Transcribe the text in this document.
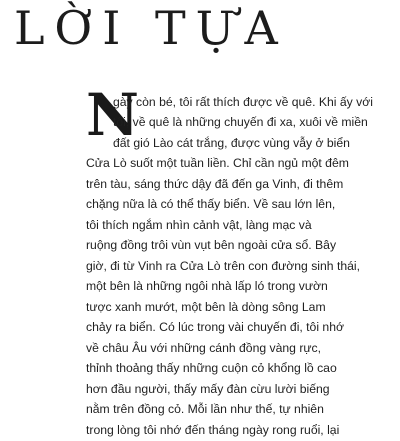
LỜI TỰA
N
gày còn bé, tôi rất thích được về quê. Khi ấy với
tôi, về quê là những chuyến đi xa, xuôi về miền
đất gió Lào cát trắng, được vùng vẫy ở biển
Cửa Lò suốt một tuần liền. Chỉ cần ngủ một đêm
trên tàu, sáng thức dậy đã đến ga Vinh, đi thêm
chặng nữa là có thể thấy biển. Về sau lớn lên,
tôi thích ngắm nhìn cảnh vật, làng mạc và
ruộng đồng trôi vùn vụt bên ngoài cửa sổ. Bây
giờ, đi từ Vinh ra Cửa Lò trên con đường sinh thái,
một bên là những ngôi nhà lấp ló trong vườn
tược xanh mướt, một bên là dòng sông Lam
chảy ra biển. Có lúc trong vài chuyến đi, tôi nhớ
về châu Âu với những cánh đồng vàng rực,
thỉnh thoảng thấy những cuộn cỏ khổng lồ cao
hơn đầu người, thấy mấy đàn cừu lười biếng
nằm trên đồng cỏ. Mỗi lần như thế, tự nhiên
trong lòng tôi nhớ đến tháng ngày rong ruổi, lại
